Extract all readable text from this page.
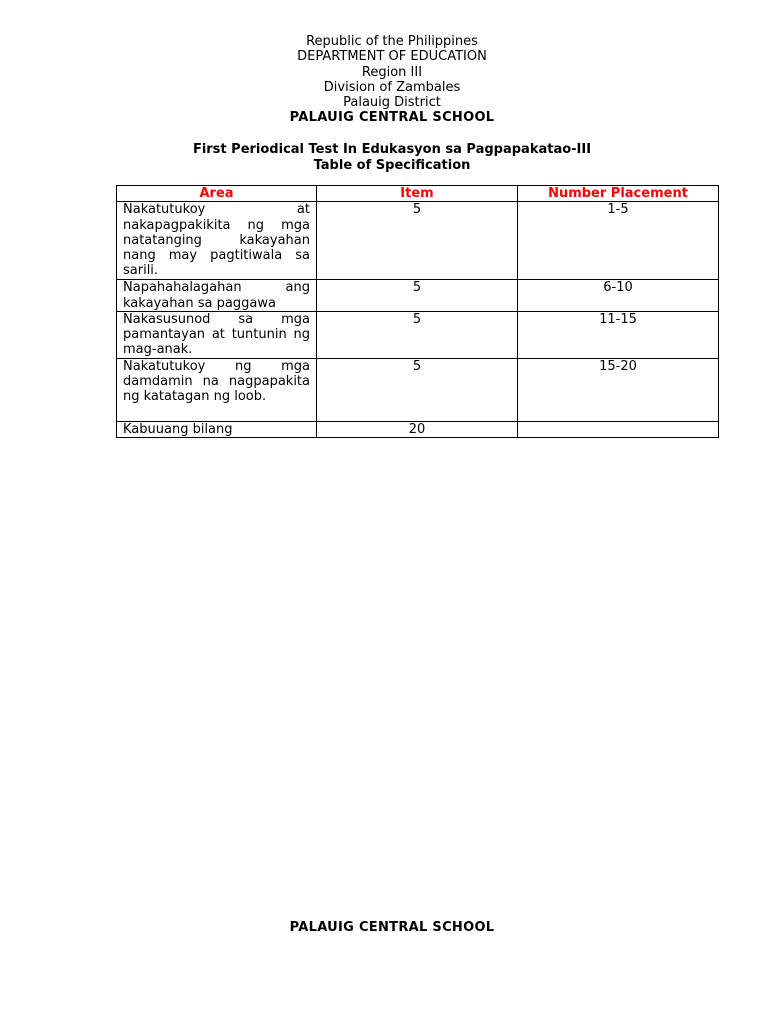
Republic of the Philippines
DEPARTMENT OF EDUCATION
Region III
Division of Zambales
Palauig District
PALAUIG CENTRAL SCHOOL
First Periodical Test In Edukasyon sa Pagpapakatao-III
Table of Specification
Area	Item	Number Placement
Nakatutukoy at nakapagpakikita ng mga natatanging kakayahan nang may pagtitiwala sa sarili.	5	1-5
Napahahalagahan ang kakayahan sa paggawa	5	6-10
Nakasusunod sa mga pamantayan at tuntunin ng mag-anak.	5	11-15
Nakatutukoy ng mga damdamin na nagpapakita ng katatagan ng loob.	5	15-20
Kabuuang bilang	20	
PALAUIG CENTRAL SCHOOL
